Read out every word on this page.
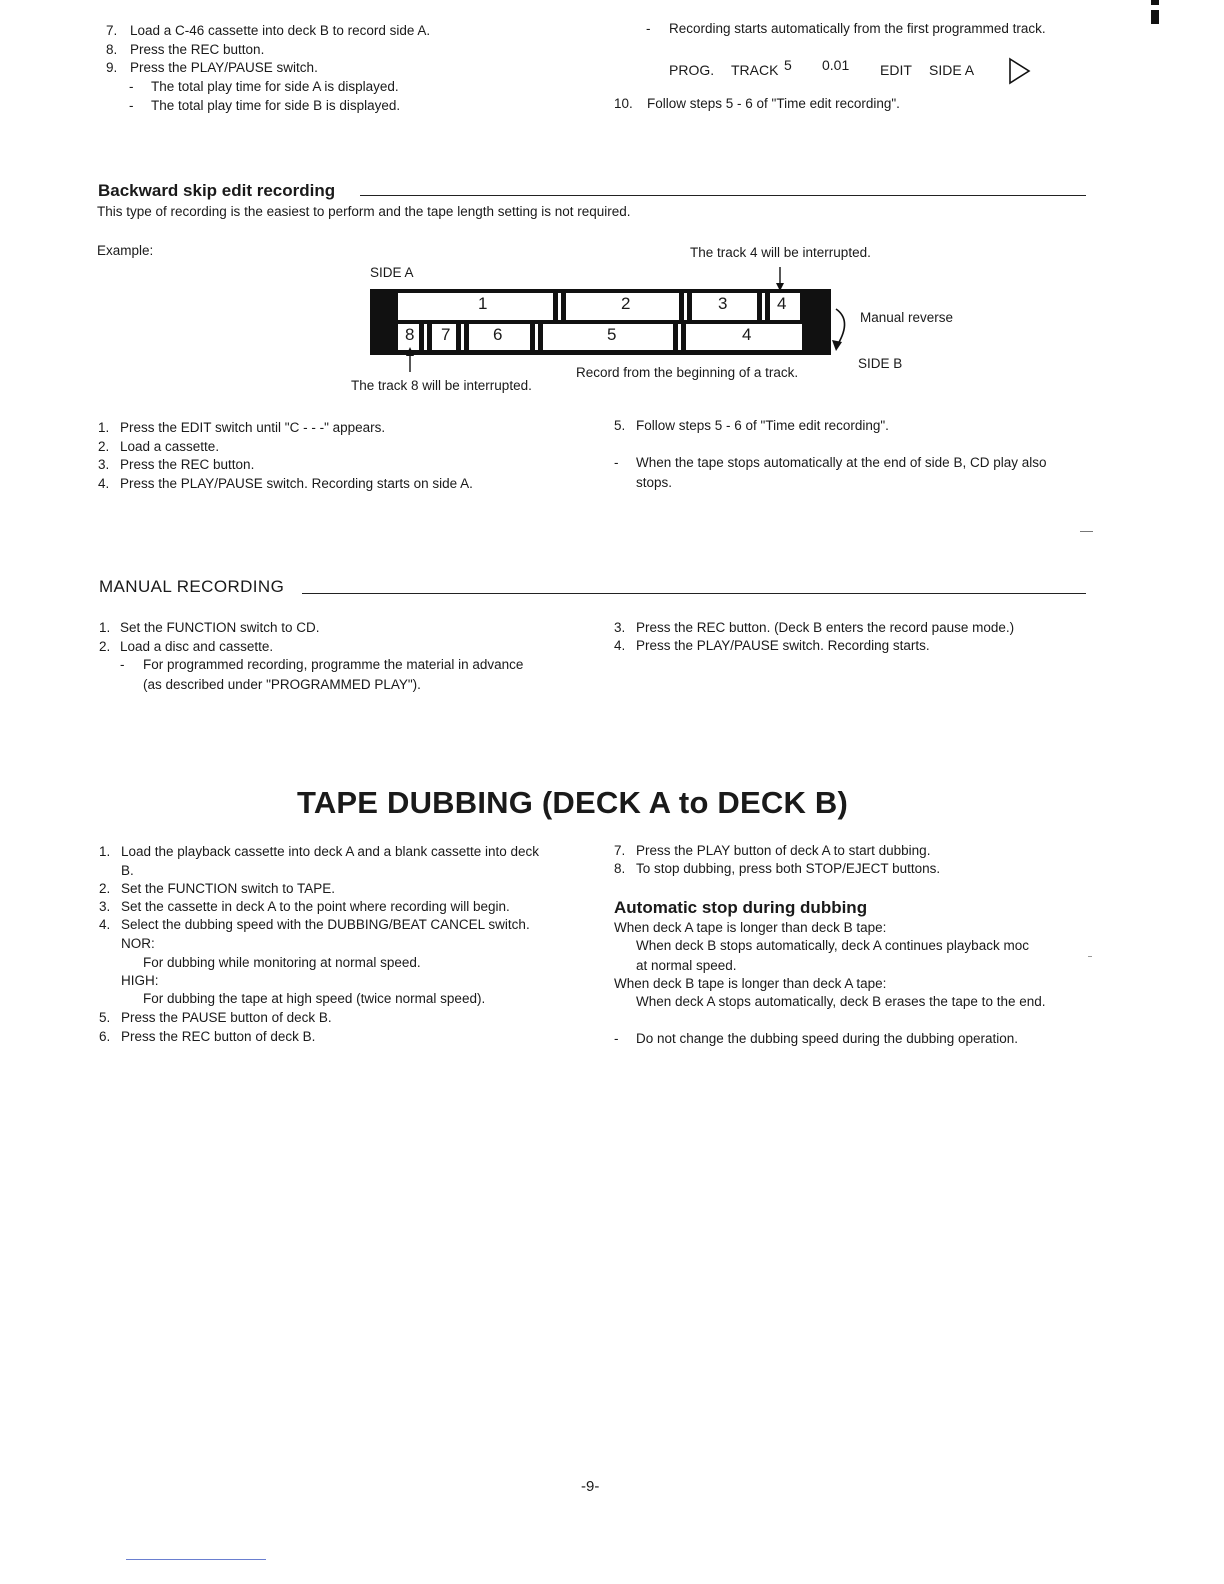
7. Load a C-46 cassette into deck B to record side A.
8. Press the REC button.
9. Press the PLAY/PAUSE switch.
- The total play time for side A is displayed.
- The total play time for side B is displayed.
- Recording starts automatically from the first programmed track.
PROG. TRACK 5 0.01 EDIT SIDE A
10. Follow steps 5 - 6 of "Time edit recording".
Backward skip edit recording
This type of recording is the easiest to perform and the tape length setting is not required.
Example:	The track 4 will be interrupted.
SIDE A
1	2	3	4
8 7	6	5	4
Manual reverse
SIDE B
Record from the beginning of a track.
The track 8 will be interrupted.
1. Press the EDIT switch until "C - - -" appears.
2. Load a cassette.
3. Press the REC button.
4. Press the PLAY/PAUSE switch. Recording starts on side A.
5. Follow steps 5 - 6 of "Time edit recording".
- When the tape stops automatically at the end of side B, CD play also
stops.
MANUAL RECORDING
1. Set the FUNCTION switch to CD.
2. Load a disc and cassette.
- For programmed recording, programme the material in advance
(as described under "PROGRAMMED PLAY").
3. Press the REC button. (Deck B enters the record pause mode.)
4. Press the PLAY/PAUSE switch. Recording starts.
TAPE DUBBING (DECK A to DECK B)
1. Load the playback cassette into deck A and a blank cassette into deck
B.
2. Set the FUNCTION switch to TAPE.
3. Set the cassette in deck A to the point where recording will begin.
4. Select the dubbing speed with the DUBBING/BEAT CANCEL switch.
NOR:
For dubbing while monitoring at normal speed.
HIGH:
For dubbing the tape at high speed (twice normal speed).
5. Press the PAUSE button of deck B.
6. Press the REC button of deck B.
7. Press the PLAY button of deck A to start dubbing.
8. To stop dubbing, press both STOP/EJECT buttons.
Automatic stop during dubbing
When deck A tape is longer than deck B tape:
When deck B stops automatically, deck A continues playback moc
at normal speed.
When deck B tape is longer than deck A tape:
When deck A stops automatically, deck B erases the tape to the end.
- Do not change the dubbing speed during the dubbing operation.
-9-
